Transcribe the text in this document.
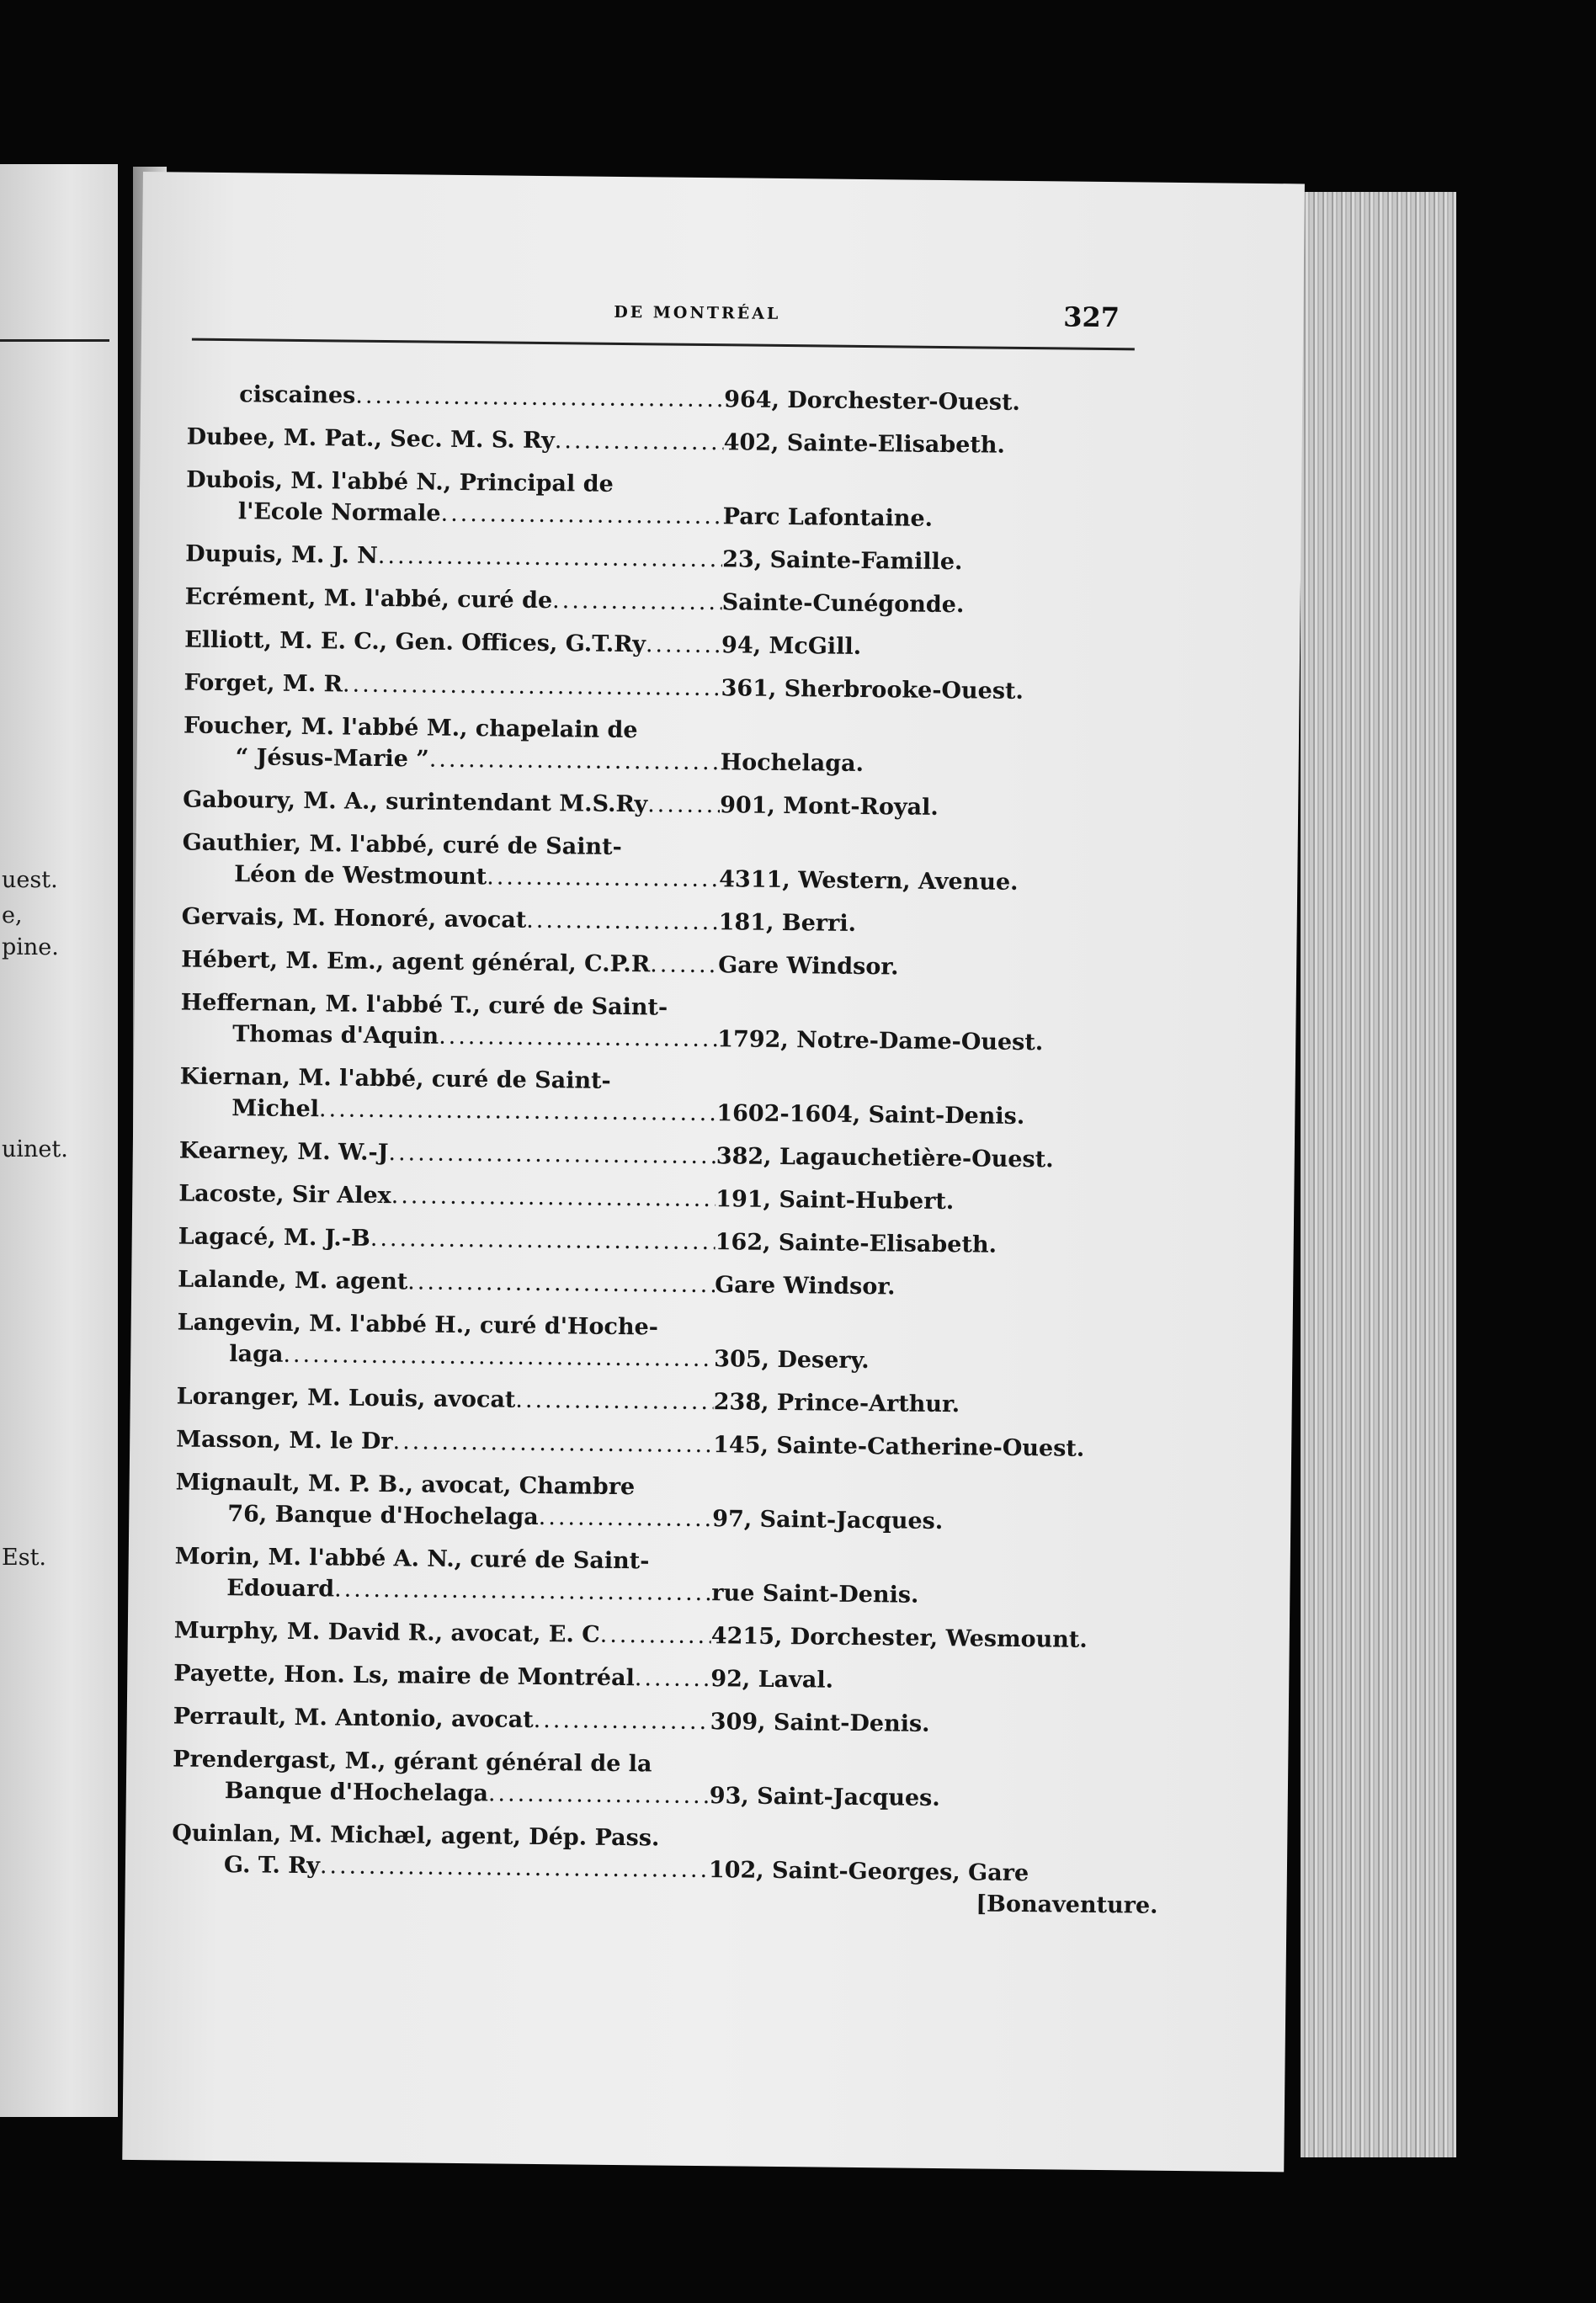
uest.
e,
pine.
uinet.
Est.
DE MONTRÉAL	327
ciscaines .....	964, Dorchester-Ouest.
Dubee, M. Pat., Sec. M. S. Ry .....	402, Sainte-Elisabeth.
Dubois, M. l'abbé N., Principal de
l'Ecole Normale .....	Parc Lafontaine.
Dupuis, M. J. N .....	23, Sainte-Famille.
Ecrément, M. l'abbé, curé de .....	Sainte-Cunégonde.
Elliott, M. E. C., Gen. Offices, G.T.Ry .....	94, McGill.
Forget, M. R .....	361, Sherbrooke-Ouest.
Foucher, M. l'abbé M., chapelain de
“ Jésus-Marie ” .....	Hochelaga.
Gaboury, M. A., surintendant M.S.Ry .....	901, Mont-Royal.
Gauthier, M. l'abbé, curé de Saint-
Léon de Westmount .....	4311, Western, Avenue.
Gervais, M. Honoré, avocat .....	181, Berri.
Hébert, M. Em., agent général, C.P.R .....	Gare Windsor.
Heffernan, M. l'abbé T., curé de Saint-
Thomas d'Aquin .....	1792, Notre-Dame-Ouest.
Kiernan, M. l'abbé, curé de Saint-
Michel .....	1602-1604, Saint-Denis.
Kearney, M. W.-J .....	382, Lagauchetière-Ouest.
Lacoste, Sir Alex .....	191, Saint-Hubert.
Lagacé, M. J.-B .....	162, Sainte-Elisabeth.
Lalande, M. agent .....	Gare Windsor.
Langevin, M. l'abbé H., curé d'Hoche-
laga .....	305, Desery.
Loranger, M. Louis, avocat .....	238, Prince-Arthur.
Masson, M. le Dr .....	145, Sainte-Catherine-Ouest.
Mignault, M. P. B., avocat, Chambre
76, Banque d'Hochelaga .....	97, Saint-Jacques.
Morin, M. l'abbé A. N., curé de Saint-
Edouard .....	rue Saint-Denis.
Murphy, M. David R., avocat, E. C .....	4215, Dorchester, Wesmount.
Payette, Hon. Ls, maire de Montréal .....	92, Laval.
Perrault, M. Antonio, avocat .....	309, Saint-Denis.
Prendergast, M., gérant général de la
Banque d'Hochelaga .....	93, Saint-Jacques.
Quinlan, M. Michæl, agent, Dép. Pass.
G. T. Ry .....	102, Saint-Georges, Gare
[Bonaventure.
